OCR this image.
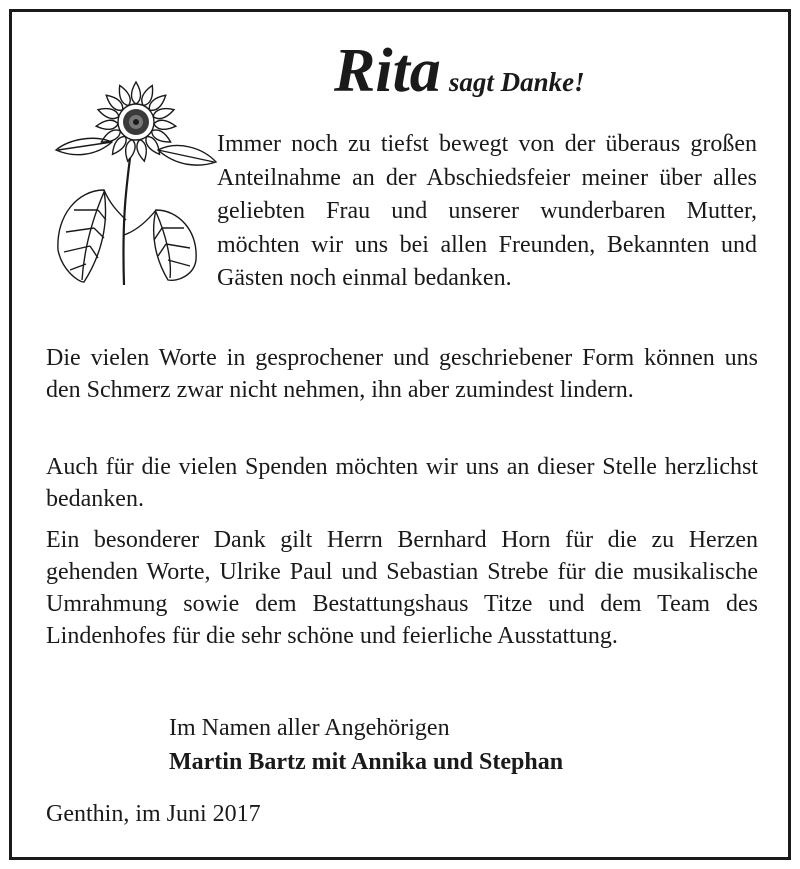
Rita sagt Danke!
Immer noch zu tiefst bewegt von der überaus großen Anteilnahme an der Abschiedsfeier meiner über alles geliebten Frau und unserer wunderbaren Mutter, möchten wir uns bei allen Freunden, Bekannten und Gästen noch einmal bedanken.

Die vielen Worte in gesprochener und geschriebener Form können uns den Schmerz zwar nicht nehmen, ihn aber zumindest lindern.

Auch für die vielen Spenden möchten wir uns an dieser Stelle herzlichst bedanken.

Ein besonderer Dank gilt Herrn Bernhard Horn für die zu Herzen gehenden Worte, Ulrike Paul und Sebastian Strebe für die musikalische Umrahmung sowie dem Bestattungshaus Titze und dem Team des Lindenhofes für die sehr schöne und feierliche Ausstattung.

Im Namen aller Angehörigen
Martin Bartz mit Annika und Stephan
Genthin, im Juni 2017
